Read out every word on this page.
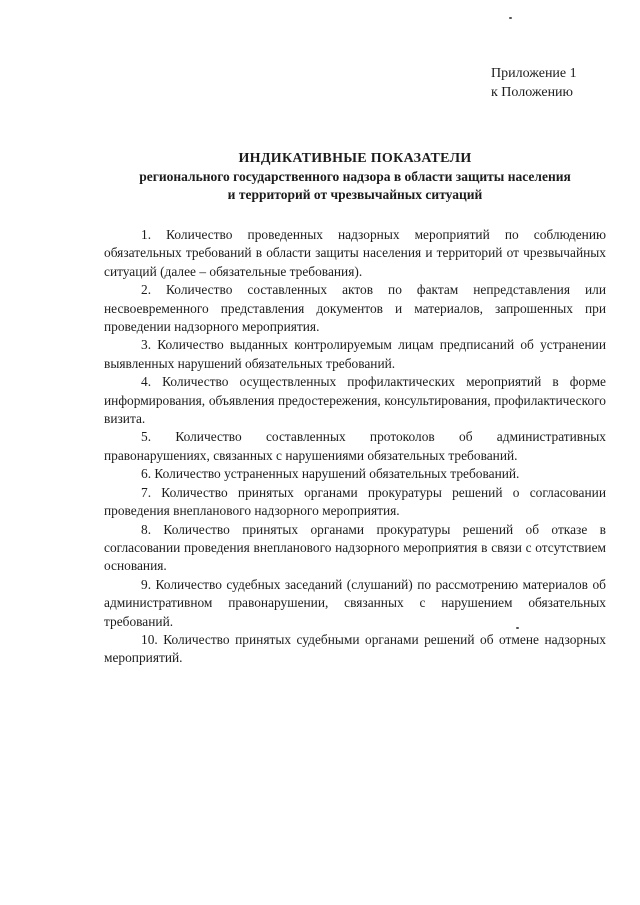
Приложение 1
к Положению
ИНДИКАТИВНЫЕ ПОКАЗАТЕЛИ
регионального государственного надзора в области защиты населения
и территорий от чрезвычайных ситуаций

1. Количество проведенных надзорных мероприятий по соблюдению обязательных требований в области защиты населения и территорий от чрезвычайных ситуаций (далее – обязательные требования).

2. Количество составленных актов по фактам непредставления или несвоевременного представления документов и материалов, запрошенных при проведении надзорного мероприятия.

3. Количество выданных контролируемым лицам предписаний об устранении выявленных нарушений обязательных требований.

4. Количество осуществленных профилактических мероприятий в форме информирования, объявления предостережения, консультирования, профилактического визита.

5. Количество составленных протоколов об административных правонарушениях, связанных с нарушениями обязательных требований.

6. Количество устраненных нарушений обязательных требований.

7. Количество принятых органами прокуратуры решений о согласовании проведения внепланового надзорного мероприятия.

8. Количество принятых органами прокуратуры решений об отказе в согласовании проведения внепланового надзорного мероприятия в связи с отсутствием основания.

9. Количество судебных заседаний (слушаний) по рассмотрению материалов об административном правонарушении, связанных с нарушением обязательных требований.

10. Количество принятых судебными органами решений об отмене надзорных мероприятий.
